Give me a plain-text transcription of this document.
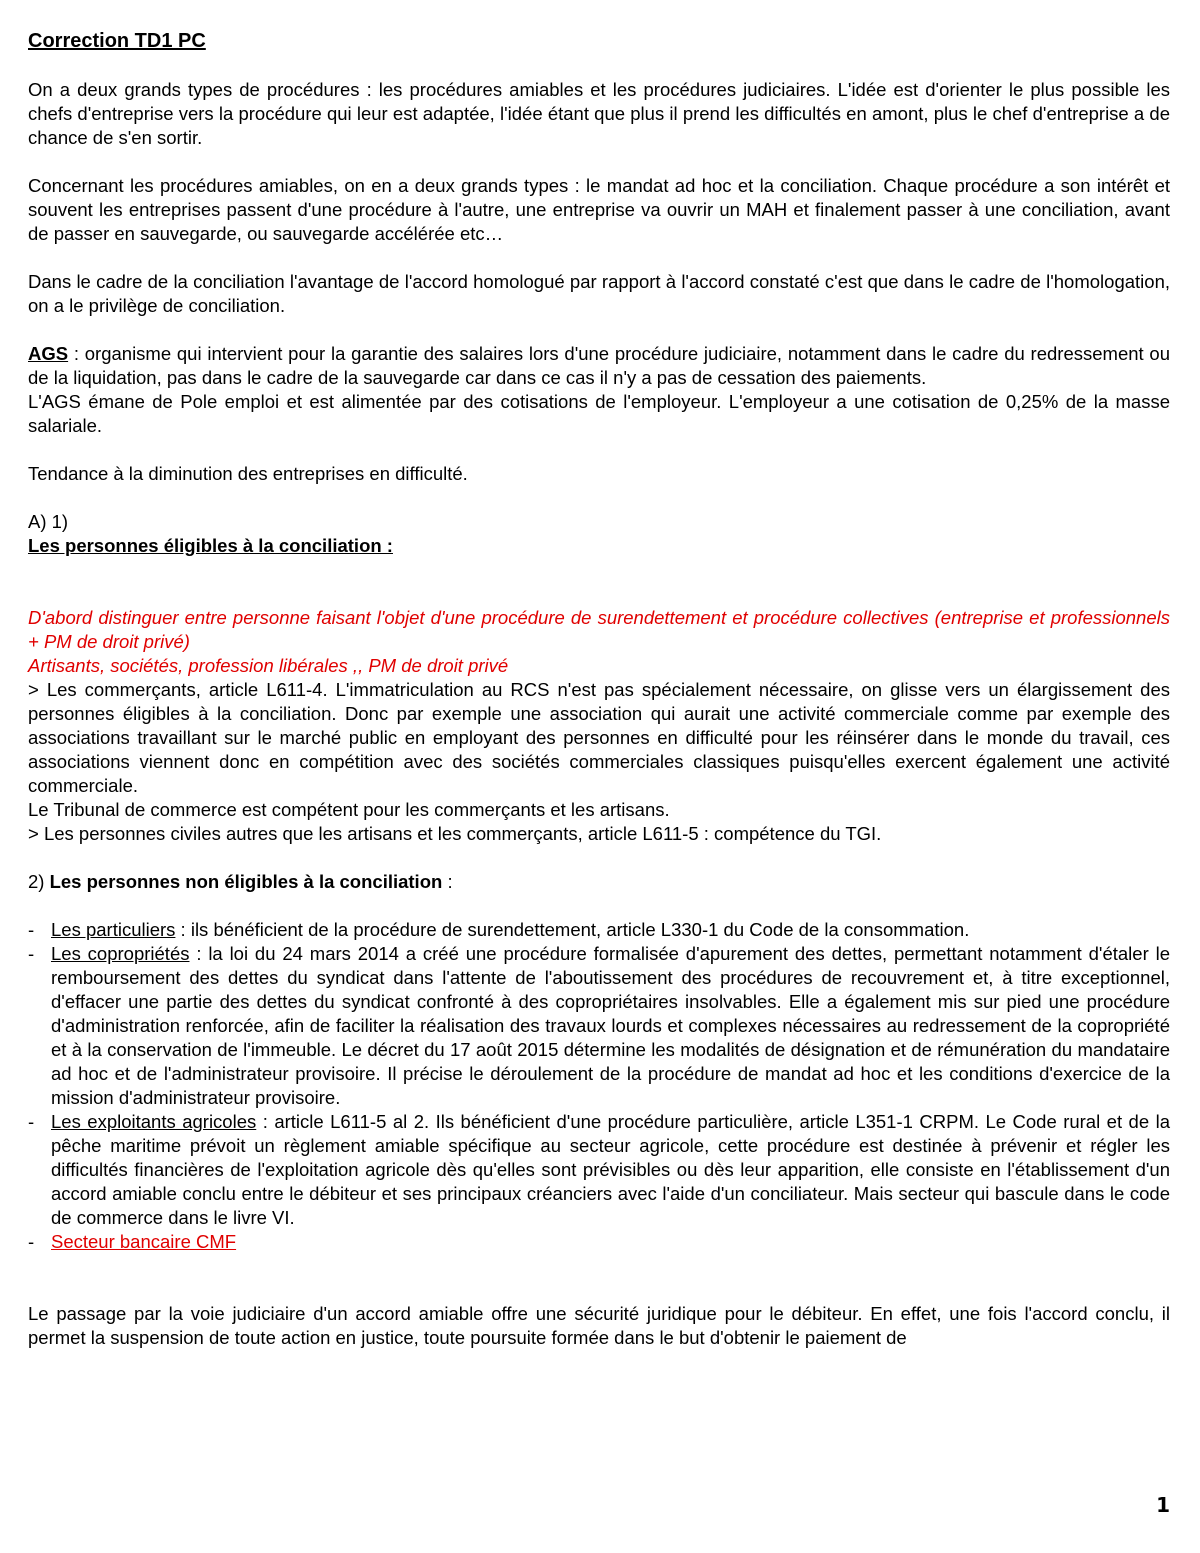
Correction TD1 PC

On a deux grands types de procédures : les procédures amiables et les procédures judiciaires. L'idée est d'orienter le plus possible les chefs d'entreprise vers la procédure qui leur est adaptée, l'idée étant que plus il prend les difficultés en amont, plus le chef d'entreprise a de chance de s'en sortir.

Concernant les procédures amiables, on en a deux grands types : le mandat ad hoc et la conciliation. Chaque procédure a son intérêt et souvent les entreprises passent d'une procédure à l'autre, une entreprise va ouvrir un MAH et finalement passer à une conciliation, avant de passer en sauvegarde, ou sauvegarde accélérée etc…

Dans le cadre de la conciliation l'avantage de l'accord homologué par rapport à l'accord constaté c'est que dans le cadre de l'homologation, on a le privilège de conciliation.

AGS : organisme qui intervient pour la garantie des salaires lors d'une procédure judiciaire, notamment dans le cadre du redressement ou de la liquidation, pas dans le cadre de la sauvegarde car dans ce cas il n'y a pas de cessation des paiements.

L'AGS émane de Pole emploi et est alimentée par des cotisations de l'employeur. L'employeur a une cotisation de 0,25% de la masse salariale.

Tendance à la diminution des entreprises en difficulté.

A) 1)

Les personnes éligibles à la conciliation :

D'abord distinguer entre personne faisant l'objet d'une procédure de surendettement et procédure collectives (entreprise et professionnels + PM de droit privé)

Artisants, sociétés, profession libérales ,, PM de droit privé

> Les commerçants, article L611-4. L'immatriculation au RCS n'est pas spécialement nécessaire, on glisse vers un élargissement des personnes éligibles à la conciliation. Donc par exemple une association qui aurait une activité commerciale comme par exemple des associations travaillant sur le marché public en employant des personnes en difficulté pour les réinsérer dans le monde du travail, ces associations viennent donc en compétition avec des sociétés commerciales classiques puisqu'elles exercent également une activité commerciale.

Le Tribunal de commerce est compétent pour les commerçants et les artisans.

> Les personnes civiles autres que les artisans et les commerçants, article L611-5 : compétence du TGI.

2) Les personnes non éligibles à la conciliation :

- Les particuliers : ils bénéficient de la procédure de surendettement, article L330-1 du Code de la consommation.
- Les copropriétés : la loi du 24 mars 2014 a créé une procédure formalisée d'apurement des dettes, permettant notamment d'étaler le remboursement des dettes du syndicat dans l'attente de l'aboutissement des procédures de recouvrement et, à titre exceptionnel, d'effacer une partie des dettes du syndicat confronté à des copropriétaires insolvables. Elle a également mis sur pied une procédure d'administration renforcée, afin de faciliter la réalisation des travaux lourds et complexes nécessaires au redressement de la copropriété et à la conservation de l'immeuble. Le décret du 17 août 2015 détermine les modalités de désignation et de rémunération du mandataire ad hoc et de l'administrateur provisoire. Il précise le déroulement de la procédure de mandat ad hoc et les conditions d'exercice de la mission d'administrateur provisoire.
- Les exploitants agricoles : article L611-5 al 2. Ils bénéficient d'une procédure particulière, article L351-1 CRPM. Le Code rural et de la pêche maritime prévoit un règlement amiable spécifique au secteur agricole, cette procédure est destinée à prévenir et régler les difficultés financières de l'exploitation agricole dès qu'elles sont prévisibles ou dès leur apparition, elle consiste en l'établissement d'un accord amiable conclu entre le débiteur et ses principaux créanciers avec l'aide d'un conciliateur. Mais secteur qui bascule dans le code de commerce dans le livre VI.
- Secteur bancaire CMF

Le passage par la voie judiciaire d'un accord amiable offre une sécurité juridique pour le débiteur. En effet, une fois l'accord conclu, il permet la suspension de toute action en justice, toute poursuite formée dans le but d'obtenir le paiement de

1
